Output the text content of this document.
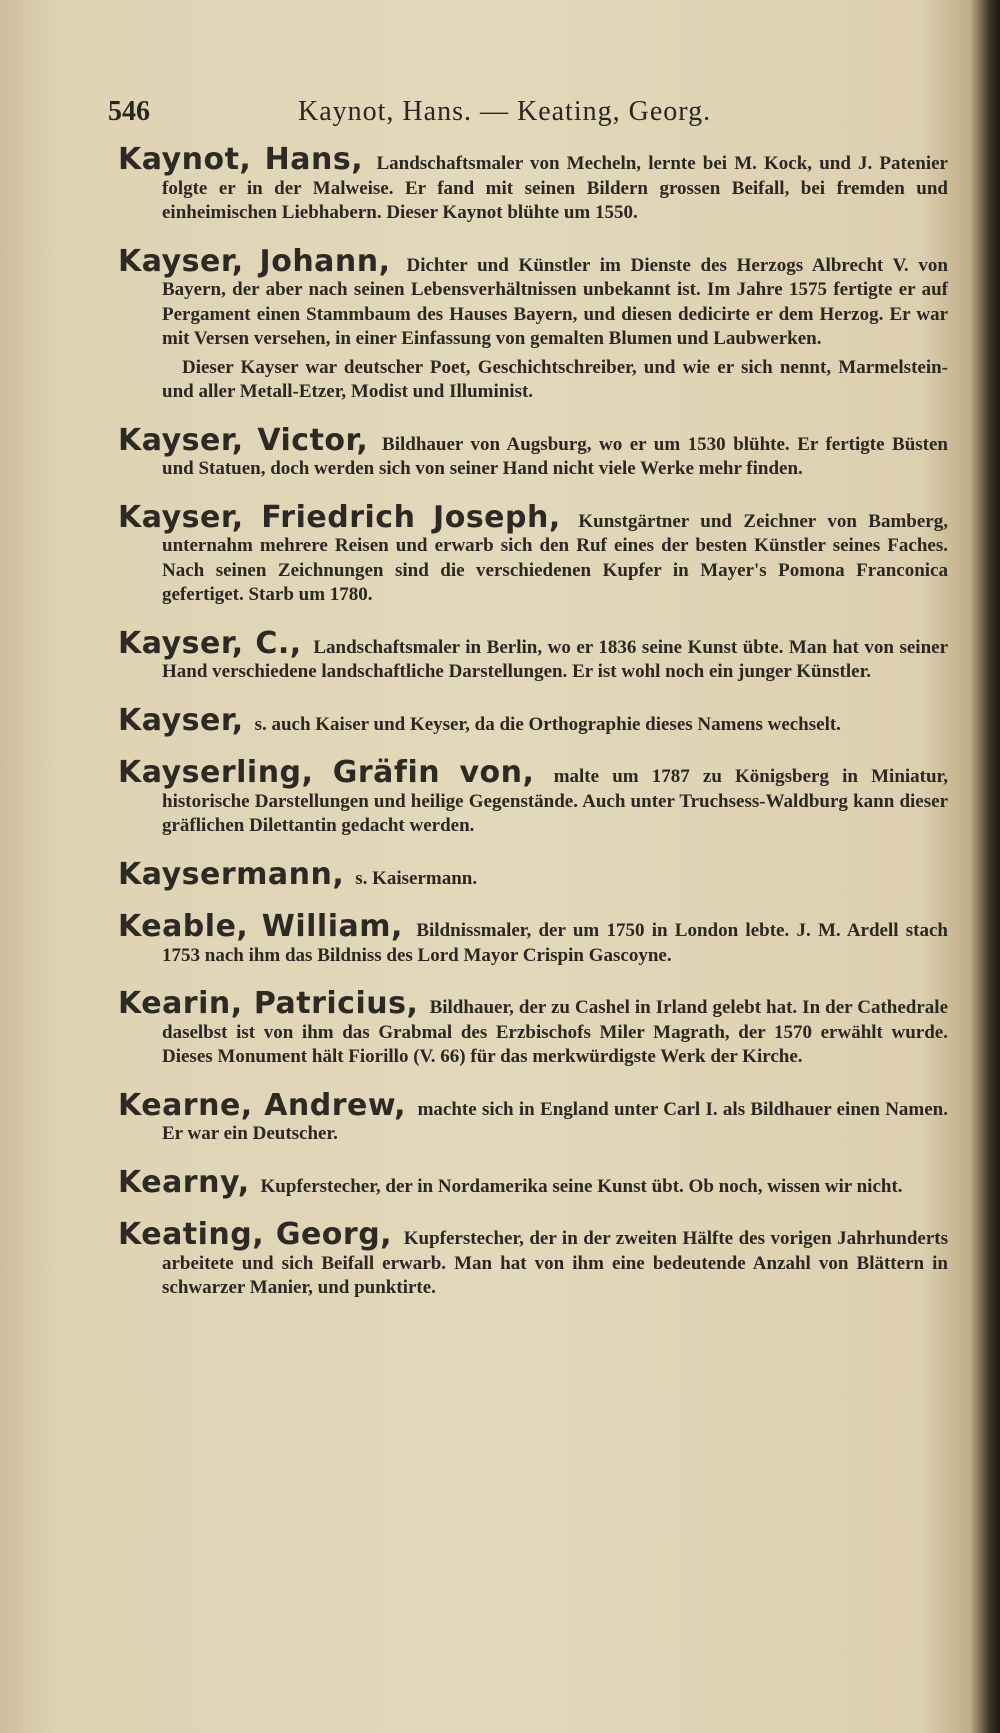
546	Kaynot, Hans. — Keating, Georg.
Kaynot, Hans, Landschaftsmaler von Mecheln, lernte bei M. Kock, und J. Patenier folgte er in der Malweise. Er fand mit seinen Bildern grossen Beifall, bei fremden und einheimischen Liebhabern. Dieser Kaynot blühte um 1550.
Kayser, Johann, Dichter und Künstler im Dienste des Herzogs Albrecht V. von Bayern, der aber nach seinen Lebensverhältnissen unbekannt ist. Im Jahre 1575 fertigte er auf Pergament einen Stammbaum des Hauses Bayern, und diesen dedicirte er dem Herzog. Er war mit Versen versehen, in einer Einfassung von gemalten Blumen und Laubwerken.

Dieser Kayser war deutscher Poet, Geschichtschreiber, und wie er sich nennt, Marmelstein- und aller Metall-Etzer, Modist und Illuminist.

Kayser, Victor, Bildhauer von Augsburg, wo er um 1530 blühte. Er fertigte Büsten und Statuen, doch werden sich von seiner Hand nicht viele Werke mehr finden.
Kayser, Friedrich Joseph, Kunstgärtner und Zeichner von Bamberg, unternahm mehrere Reisen und erwarb sich den Ruf eines der besten Künstler seines Faches. Nach seinen Zeichnungen sind die verschiedenen Kupfer in Mayer's Pomona Franconica gefertiget. Starb um 1780.
Kayser, C., Landschaftsmaler in Berlin, wo er 1836 seine Kunst übte. Man hat von seiner Hand verschiedene landschaftliche Darstellungen. Er ist wohl noch ein junger Künstler.
Kayser, s. auch Kaiser und Keyser, da die Orthographie dieses Namens wechselt.
Kayserling, Gräfin von, malte um 1787 zu Königsberg in Miniatur, historische Darstellungen und heilige Gegenstände. Auch unter Truchsess-Waldburg kann dieser gräflichen Dilettantin gedacht werden.
Kaysermann, s. Kaisermann.
Keable, William, Bildnissmaler, der um 1750 in London lebte. J. M. Ardell stach 1753 nach ihm das Bildniss des Lord Mayor Crispin Gascoyne.
Kearin, Patricius, Bildhauer, der zu Cashel in Irland gelebt hat. In der Cathedrale daselbst ist von ihm das Grabmal des Erzbischofs Miler Magrath, der 1570 erwählt wurde. Dieses Monument hält Fiorillo (V. 66) für das merkwürdigste Werk der Kirche.
Kearne, Andrew, machte sich in England unter Carl I. als Bildhauer einen Namen. Er war ein Deutscher.
Kearny, Kupferstecher, der in Nordamerika seine Kunst übt. Ob noch, wissen wir nicht.
Keating, Georg, Kupferstecher, der in der zweiten Hälfte des vorigen Jahrhunderts arbeitete und sich Beifall erwarb. Man hat von ihm eine bedeutende Anzahl von Blättern in schwarzer Manier, und punktirte.
